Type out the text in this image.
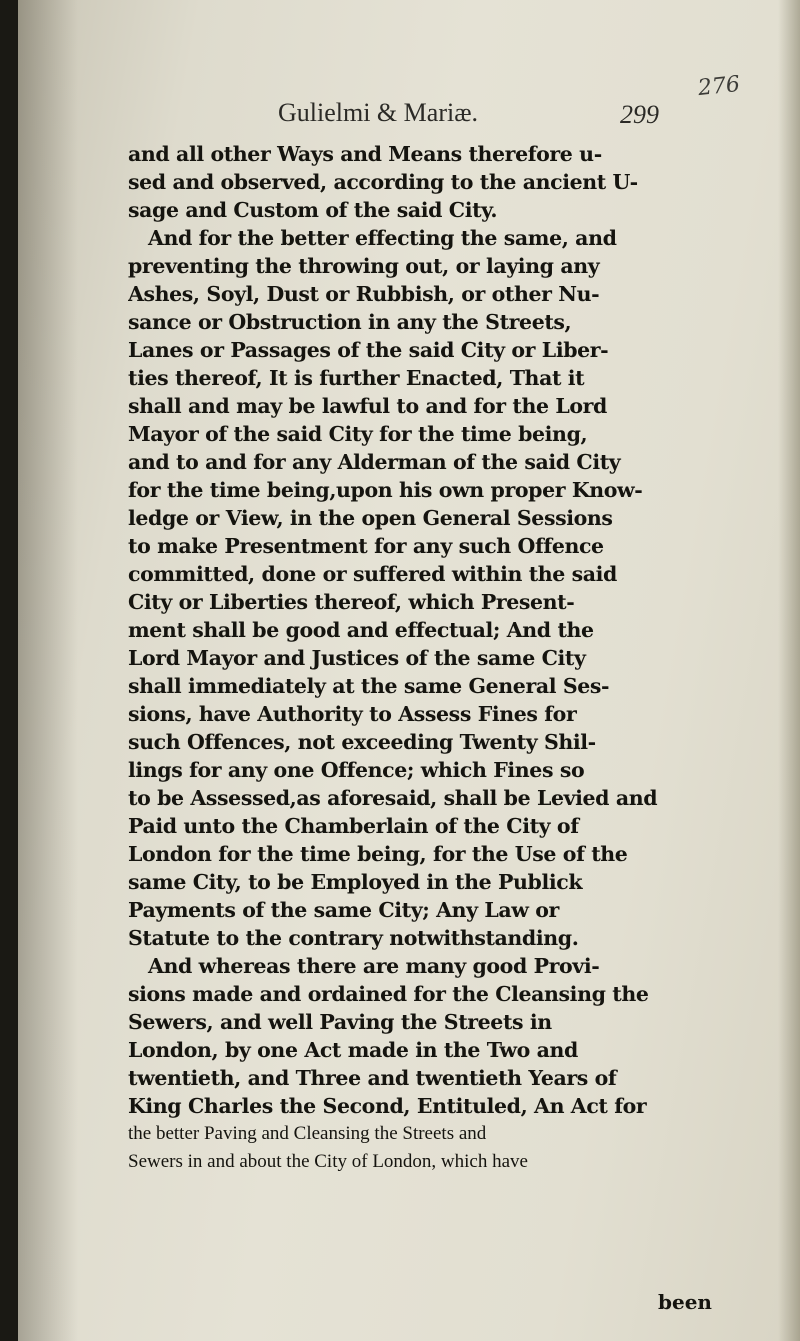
276
Gulielmi & Mariæ.	299
and all other Ways and Means therefore u-
sed and observed, according to the ancient U-
sage and Custom of the said City.
And for the better effecting the same, and
preventing the throwing out, or laying any
Ashes, Soyl, Dust or Rubbish, or other Nu-
sance or Obstruction in any the Streets,
Lanes or Passages of the said City or Liber-
ties thereof, It is further Enacted, That it
shall and may be lawful to and for the Lord
Mayor of the said City for the time being,
and to and for any Alderman of the said City
for the time being,upon his own proper Know-
ledge or View, in the open General Sessions
to make Presentment for any such Offence
committed, done or suffered within the said
City or Liberties thereof, which Present-
ment shall be good and effectual; And the
Lord Mayor and Justices of the same City
shall immediately at the same General Ses-
sions, have Authority to Assess Fines for
such Offences, not exceeding Twenty Shil-
lings for any one Offence; which Fines so
to be Assessed,as aforesaid, shall be Levied and
Paid unto the Chamberlain of the City of
London for the time being, for the Use of the
same City, to be Employed in the Publick
Payments of the same City; Any Law or
Statute to the contrary notwithstanding.
And whereas there are many good Provi-
sions made and ordained for the Cleansing the
Sewers, and well Paving the Streets in
London, by one Act made in the Two and
twentieth, and Three and twentieth Years of
King Charles the Second, Entituled, An Act for
the better Paving and Cleansing the Streets and
Sewers in and about the City of London, which have
been
